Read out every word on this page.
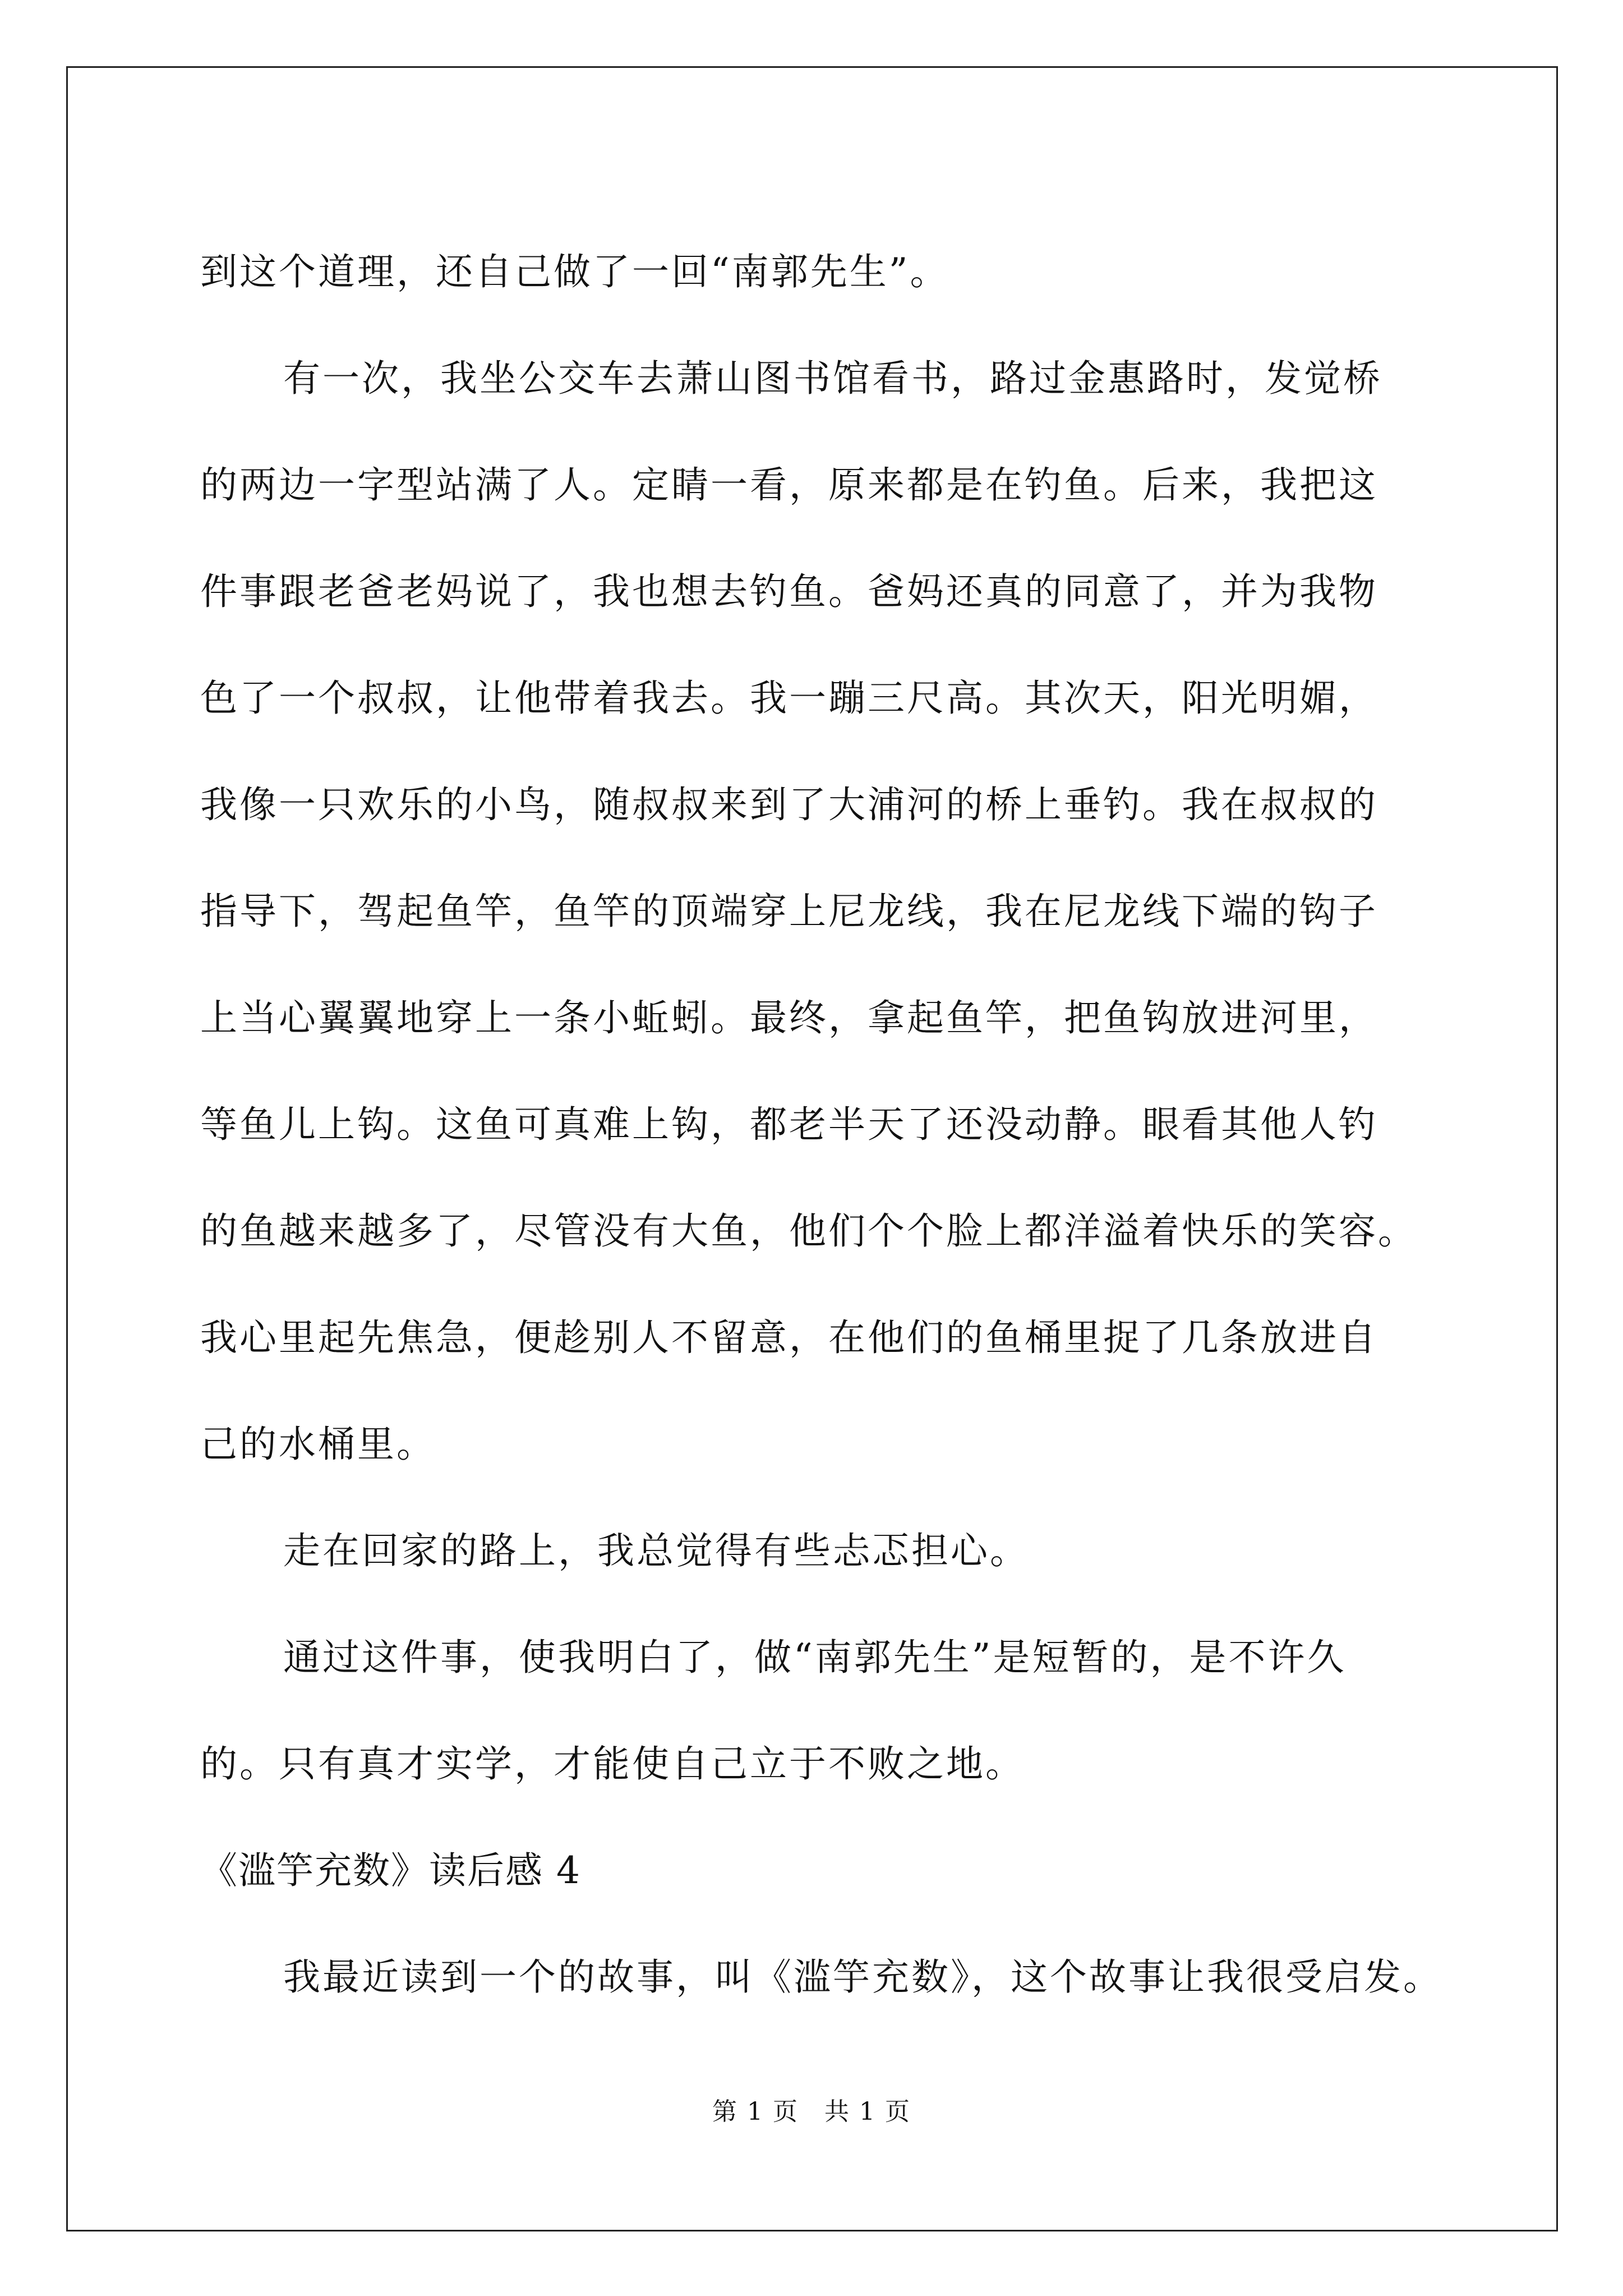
到这个道理，还自己做了一回“南郭先生”。
有一次，我坐公交车去萧山图书馆看书，路过金惠路时，发觉桥
的两边一字型站满了人。定睛一看，原来都是在钓鱼。后来，我把这
件事跟老爸老妈说了，我也想去钓鱼。爸妈还真的同意了，并为我物
色了一个叔叔，让他带着我去。我一蹦三尺高。其次天，阳光明媚，
我像一只欢乐的小鸟，随叔叔来到了大浦河的桥上垂钓。我在叔叔的
指导下，驾起鱼竿，鱼竿的顶端穿上尼龙线，我在尼龙线下端的钩子
上当心翼翼地穿上一条小蚯蚓。最终，拿起鱼竿，把鱼钩放进河里，
等鱼儿上钩。这鱼可真难上钩，都老半天了还没动静。眼看其他人钓
的鱼越来越多了，尽管没有大鱼，他们个个脸上都洋溢着快乐的笑容。
我心里起先焦急，便趁别人不留意，在他们的鱼桶里捉了几条放进自
己的水桶里。
走在回家的路上，我总觉得有些忐忑担心。
通过这件事，使我明白了，做“南郭先生”是短暂的，是不许久
的。只有真才实学，才能使自己立于不败之地。
《滥竽充数》读后感 4
我最近读到一个的故事，叫《滥竽充数》，这个故事让我很受启发。
第 1 页　共 1 页
